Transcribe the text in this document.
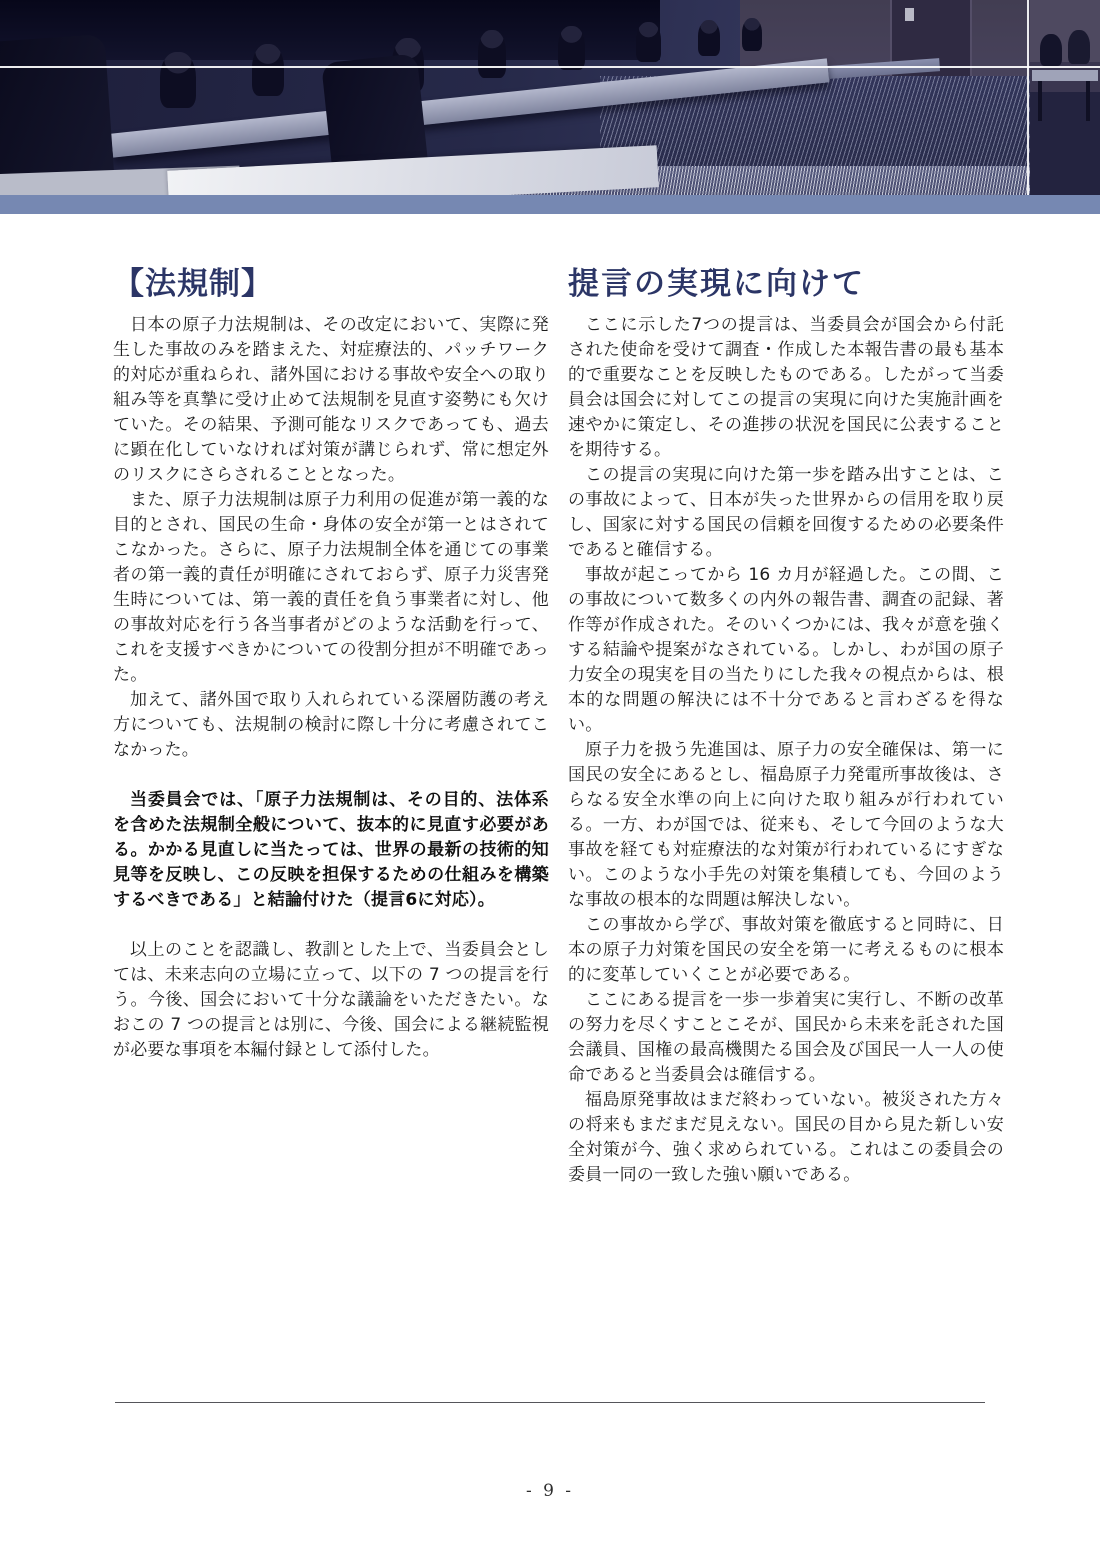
【法規制】

日本の原子力法規制は、その改定において、実際に発生した事故のみを踏まえた、対症療法的、パッチワーク的対応が重ねられ、諸外国における事故や安全への取り組み等を真摯に受け止めて法規制を見直す姿勢にも欠けていた。その結果、予測可能なリスクであっても、過去に顕在化していなければ対策が講じられず、常に想定外のリスクにさらされることとなった。

また、原子力法規制は原子力利用の促進が第一義的な目的とされ、国民の生命・身体の安全が第一とはされてこなかった。さらに、原子力法規制全体を通じての事業者の第一義的責任が明確にされておらず、原子力災害発生時については、第一義的責任を負う事業者に対し、他の事故対応を行う各当事者がどのような活動を行って、これを支援すべきかについての役割分担が不明確であった。

加えて、諸外国で取り入れられている深層防護の考え方についても、法規制の検討に際し十分に考慮されてこなかった。

当委員会では、「原子力法規制は、その目的、法体系を含めた法規制全般について、抜本的に見直す必要がある。かかる見直しに当たっては、世界の最新の技術的知見等を反映し、この反映を担保するための仕組みを構築するべきである」と結論付けた（提言6に対応）。

以上のことを認識し、教訓とした上で、当委員会としては、未来志向の立場に立って、以下の 7 つの提言を行う。今後、国会において十分な議論をいただきたい。なおこの 7 つの提言とは別に、今後、国会による継続監視が必要な事項を本編付録として添付した。

提言の実現に向けて

ここに示した7つの提言は、当委員会が国会から付託された使命を受けて調査・作成した本報告書の最も基本的で重要なことを反映したものである。したがって当委員会は国会に対してこの提言の実現に向けた実施計画を速やかに策定し、その進捗の状況を国民に公表することを期待する。

この提言の実現に向けた第一歩を踏み出すことは、この事故によって、日本が失った世界からの信用を取り戻し、国家に対する国民の信頼を回復するための必要条件であると確信する。

事故が起こってから 16 カ月が経過した。この間、この事故について数多くの内外の報告書、調査の記録、著作等が作成された。そのいくつかには、我々が意を強くする結論や提案がなされている。しかし、わが国の原子力安全の現実を目の当たりにした我々の視点からは、根本的な問題の解決には不十分であると言わざるを得ない。

原子力を扱う先進国は、原子力の安全確保は、第一に国民の安全にあるとし、福島原子力発電所事故後は、さらなる安全水準の向上に向けた取り組みが行われている。一方、わが国では、従来も、そして今回のような大事故を経ても対症療法的な対策が行われているにすぎない。このような小手先の対策を集積しても、今回のような事故の根本的な問題は解決しない。

この事故から学び、事故対策を徹底すると同時に、日本の原子力対策を国民の安全を第一に考えるものに根本的に変革していくことが必要である。

ここにある提言を一歩一歩着実に実行し、不断の改革の努力を尽くすことこそが、国民から未来を託された国会議員、国権の最高機関たる国会及び国民一人一人の使命であると当委員会は確信する。

福島原発事故はまだ終わっていない。被災された方々の将来もまだまだ見えない。国民の目から見た新しい安全対策が今、強く求められている。これはこの委員会の委員一同の一致した強い願いである。

- 9 -
